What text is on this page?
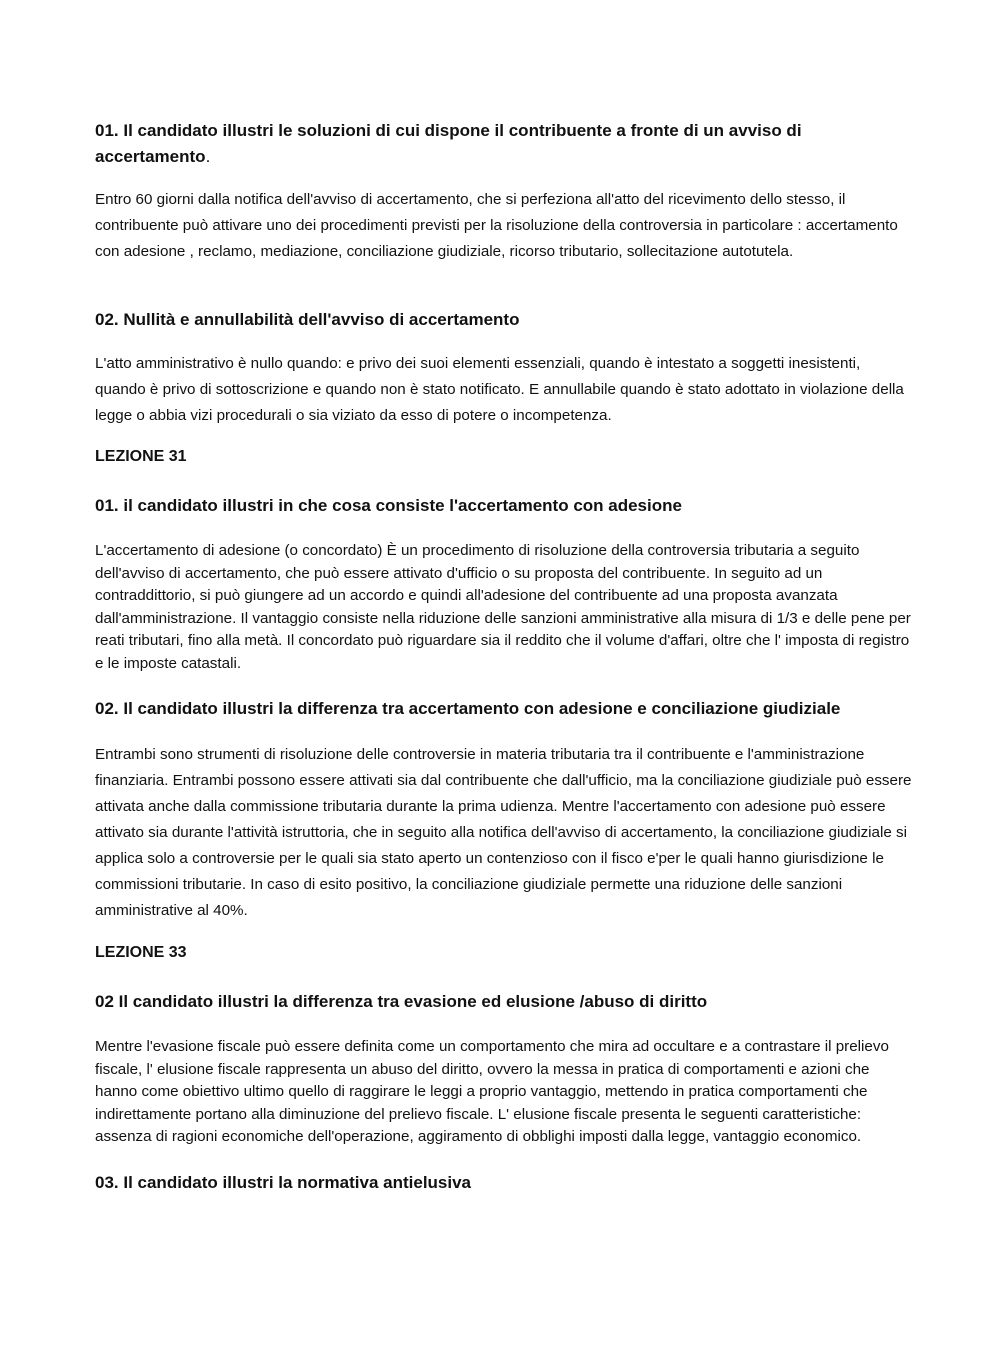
01. Il candidato illustri le soluzioni di cui dispone il contribuente a fronte di un avviso di accertamento.

Entro 60 giorni dalla notifica dell'avviso di accertamento, che si perfeziona all'atto del ricevimento dello stesso, il contribuente può attivare uno dei procedimenti previsti per la risoluzione della controversia in particolare : accertamento con adesione , reclamo, mediazione, conciliazione giudiziale, ricorso tributario, sollecitazione autotutela.

02. Nullità e annullabilità dell'avviso di accertamento

L'atto amministrativo è nullo quando: e privo dei suoi elementi essenziali, quando è intestato a soggetti inesistenti, quando è privo di sottoscrizione e quando non è stato notificato. E annullabile quando è stato adottato in violazione della legge o abbia vizi procedurali o sia viziato da esso di potere o incompetenza.

LEZIONE 31
01. il candidato illustri in che cosa consiste l'accertamento con adesione

L'accertamento di adesione (o concordato) È un procedimento di risoluzione della controversia tributaria a seguito dell'avviso di accertamento, che può essere attivato d'ufficio o su proposta del contribuente. In seguito ad un contraddittorio, si può giungere ad un accordo e quindi all'adesione del contribuente ad una proposta avanzata dall'amministrazione. Il vantaggio consiste nella riduzione delle sanzioni amministrative alla misura di 1/3 e delle pene per reati tributari, fino alla metà. Il concordato può riguardare sia il reddito che il volume d'affari, oltre che l' imposta di registro e le imposte catastali.

02. Il candidato illustri la differenza tra accertamento con adesione e conciliazione giudiziale

Entrambi sono strumenti di risoluzione delle controversie in materia tributaria tra il contribuente e l'amministrazione finanziaria. Entrambi possono essere attivati sia dal contribuente che dall'ufficio, ma la conciliazione giudiziale può essere attivata anche dalla commissione tributaria durante la prima udienza. Mentre l'accertamento con adesione può essere attivato sia durante l'attività istruttoria, che in seguito alla notifica dell'avviso di accertamento, la conciliazione giudiziale si applica solo a controversie per le quali sia stato aperto un contenzioso con il fisco e'per le quali hanno giurisdizione le commissioni tributarie. In caso di esito positivo, la conciliazione giudiziale permette una riduzione delle sanzioni amministrative al 40%.

LEZIONE 33
02 Il candidato illustri la differenza tra evasione ed elusione /abuso di diritto

Mentre l'evasione fiscale può essere definita come un comportamento che mira ad occultare e a contrastare il prelievo fiscale, l' elusione fiscale rappresenta un abuso del diritto, ovvero la messa in pratica di comportamenti e azioni che hanno come obiettivo ultimo quello di raggirare le leggi a proprio vantaggio, mettendo in pratica comportamenti che indirettamente portano alla diminuzione del prelievo fiscale. L' elusione fiscale presenta le seguenti caratteristiche: assenza di ragioni economiche dell'operazione, aggiramento di obblighi imposti dalla legge, vantaggio economico.

03. Il candidato illustri la normativa antielusiva
